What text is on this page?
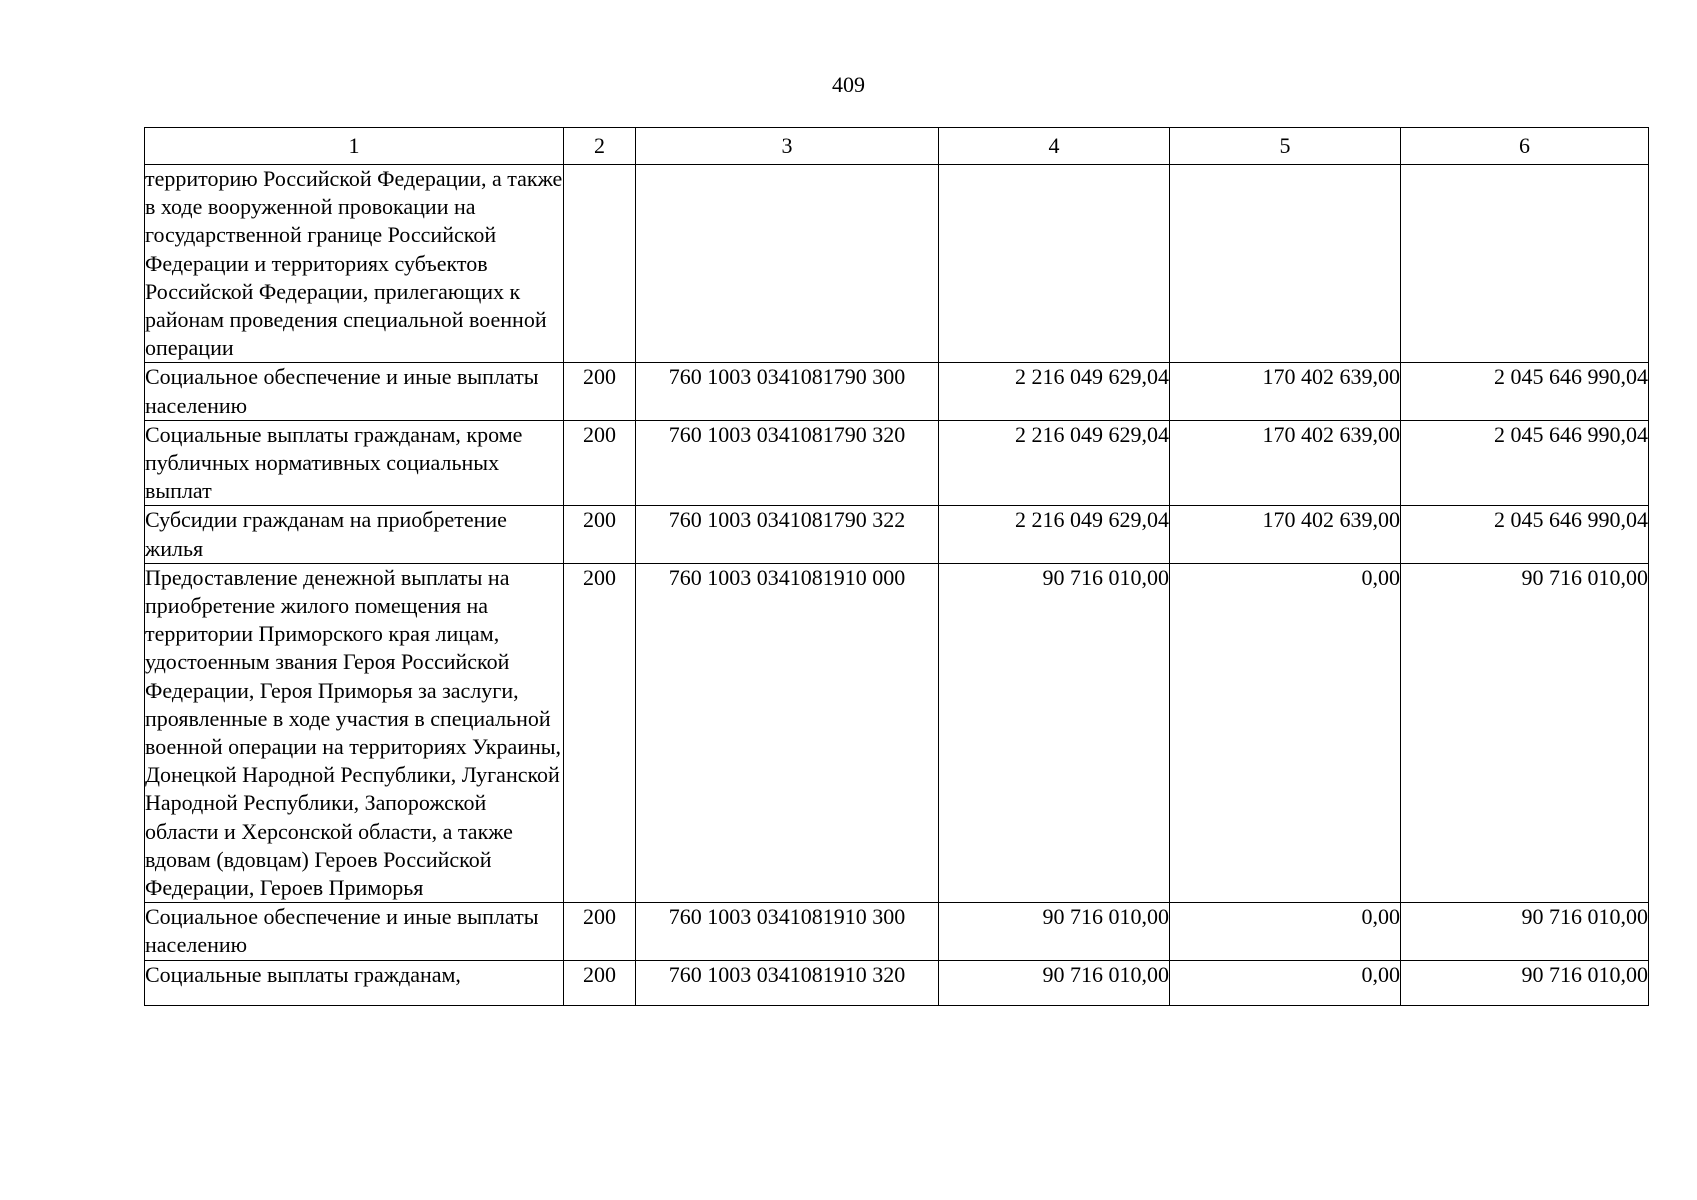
409
1	2	3	4	5	6
территорию Российской Федерации, а также в ходе вооруженной провокации на государственной границе Российской Федерации и территориях субъектов Российской Федерации, прилегающих к районам проведения специальной военной операции					
Социальное обеспечение и иные выплаты населению	200	760 1003 0341081790 300	2 216 049 629,04	170 402 639,00	2 045 646 990,04
Социальные выплаты гражданам, кроме публичных нормативных социальных выплат	200	760 1003 0341081790 320	2 216 049 629,04	170 402 639,00	2 045 646 990,04
Субсидии гражданам на приобретение жилья	200	760 1003 0341081790 322	2 216 049 629,04	170 402 639,00	2 045 646 990,04
Предоставление денежной выплаты на приобретение жилого помещения на территории Приморского края лицам, удостоенным звания Героя Российской Федерации, Героя Приморья за заслуги, проявленные в ходе участия в специальной военной операции на территориях Украины, Донецкой Народной Республики, Луганской Народной Республики, Запорожской области и Херсонской области, а также вдовам (вдовцам) Героев Российской Федерации, Героев Приморья	200	760 1003 0341081910 000	90 716 010,00	0,00	90 716 010,00
Социальное обеспечение и иные выплаты населению	200	760 1003 0341081910 300	90 716 010,00	0,00	90 716 010,00
Социальные выплаты гражданам,	200	760 1003 0341081910 320	90 716 010,00	0,00	90 716 010,00
